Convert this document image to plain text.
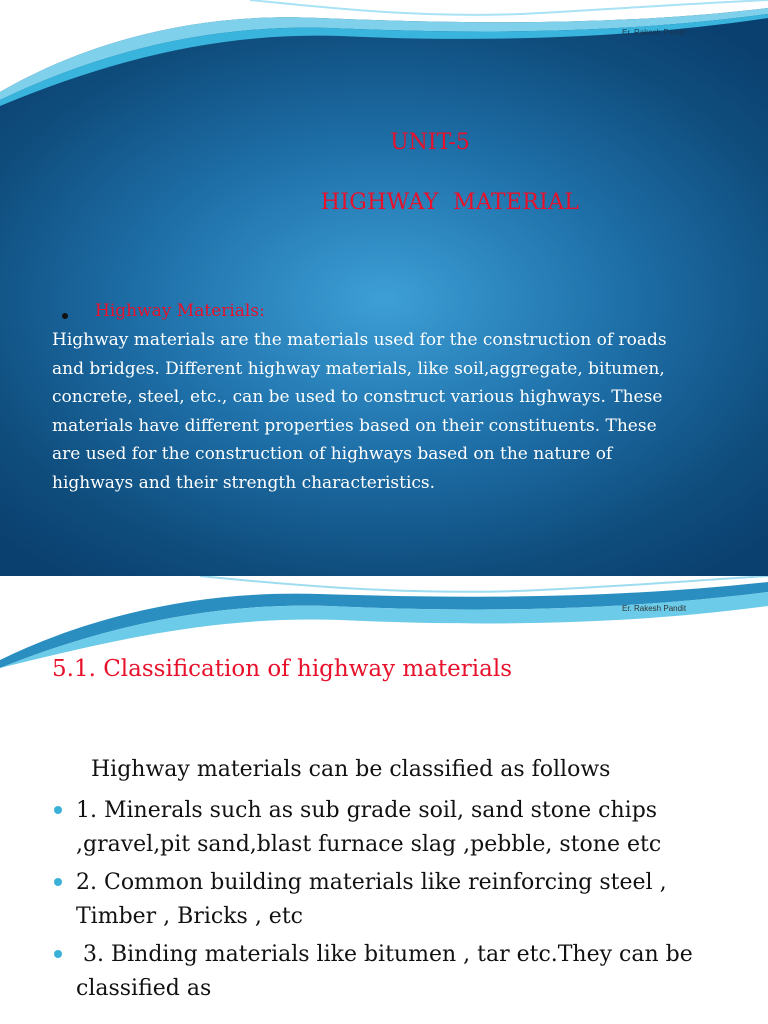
Er. Rakesh Pandit
UNIT-5
HIGHWAY  MATERIAL
Highway Materials:
Highway materials are the materials used for the construction of roads
and bridges. Different highway materials, like soil,aggregate, bitumen,
concrete, steel, etc., can be used to construct various highways. These
materials have different properties based on their constituents. These
are used for the construction of highways based on the nature of
highways and their strength characteristics.
Er. Rakesh Pandit
5.1. Classification of highway materials
Highway materials can be classified as follows
1. Minerals such as sub grade soil, sand stone chips
,gravel,pit sand,blast furnace slag ,pebble, stone etc
2. Common building materials like reinforcing steel ,
Timber , Bricks , etc
3. Binding materials like bitumen , tar etc.They can be
classified as
